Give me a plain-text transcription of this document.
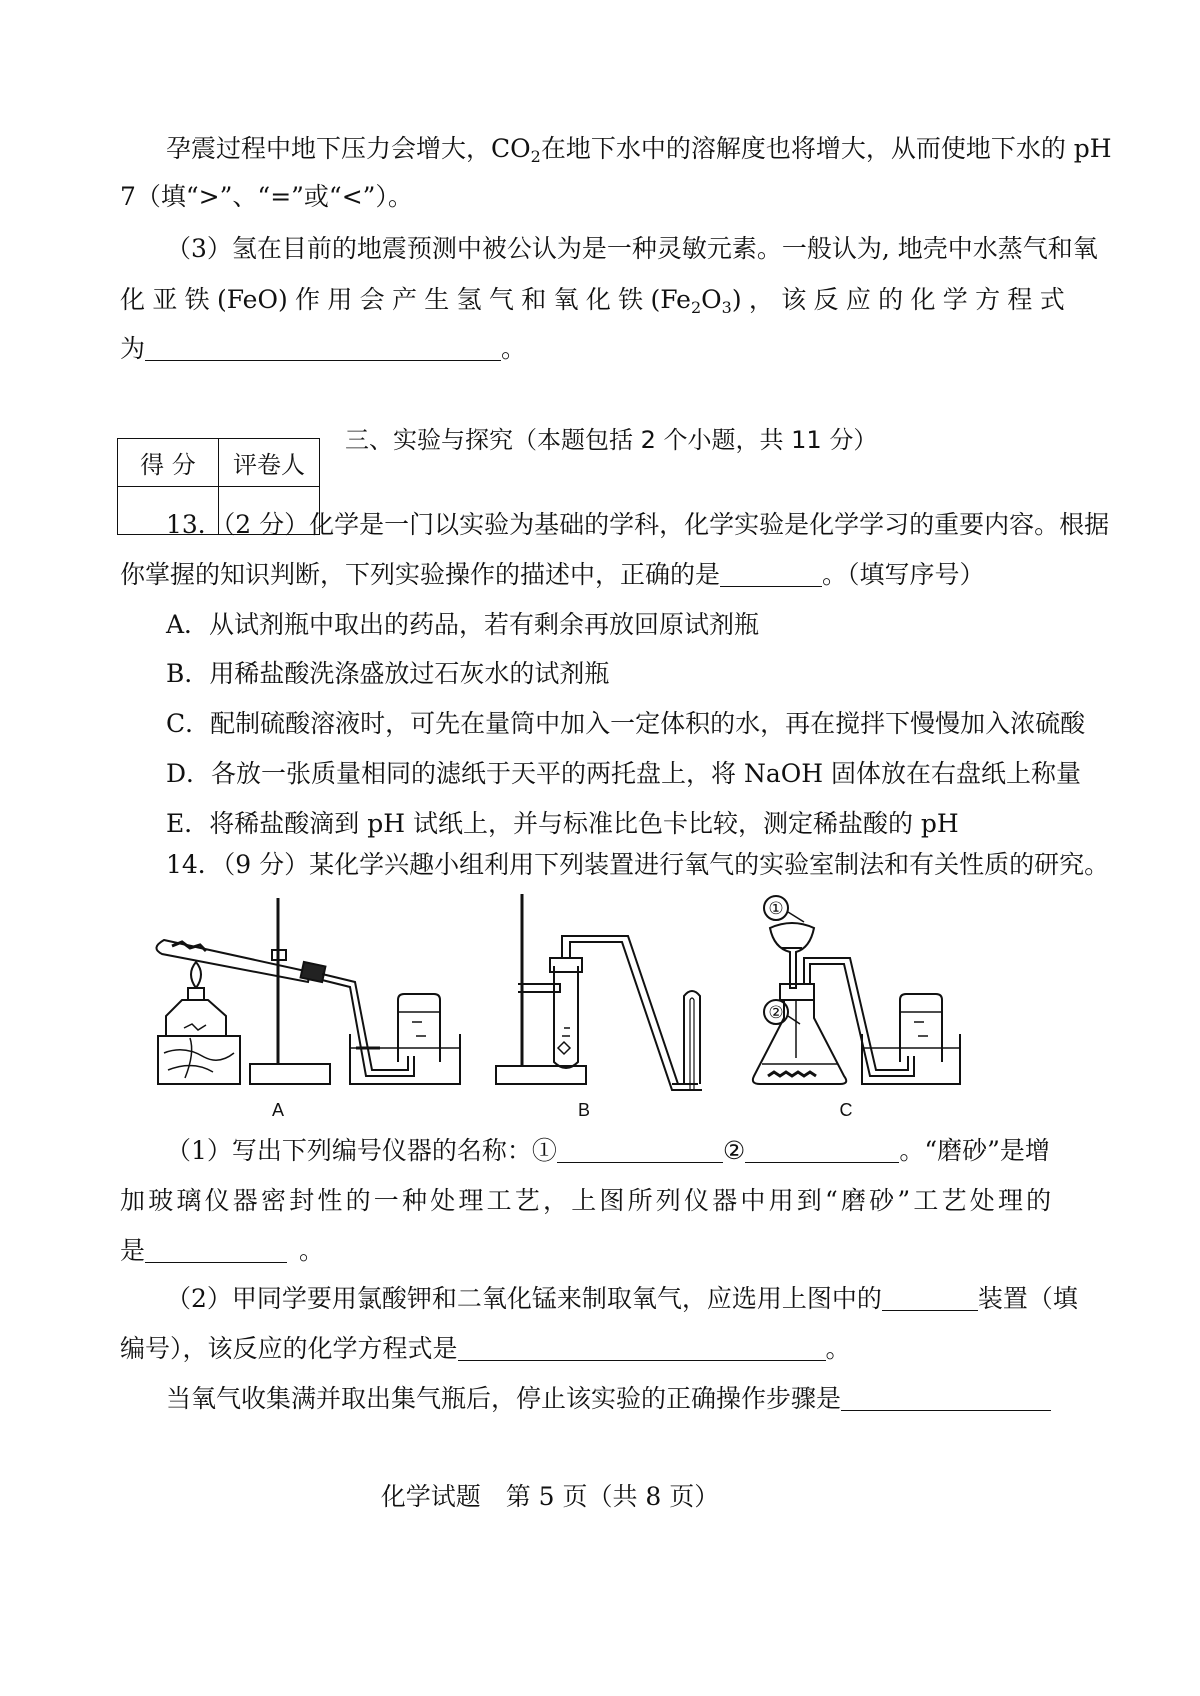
孕震过程中地下压力会增大，$CO_2$在地下水中的溶解度也将增大，从而使地下水的 pH
7（填“>”、“=”或“<”）。
（3）氢在目前的地震预测中被公认为是一种灵敏元素。一般认为, 地壳中水蒸气和氧
化 亚 铁 (FeO) 作 用 会 产 生 氢 气 和 氧 化 铁 $(Fe_2O_3)$ ， 该 反 应 的 化 学 方 程 式
为	。
得 分	评卷人

三、实验与探究（本题包括 2 个小题，共 11 分）
13．（2 分）化学是一门以实验为基础的学科，化学实验是化学学习的重要内容。根据
你掌握的知识判断，下列实验操作的描述中，正确的是	。（填写序号）
A．从试剂瓶中取出的药品，若有剩余再放回原试剂瓶
B．用稀盐酸洗涤盛放过石灰水的试剂瓶
C．配制硫酸溶液时，可先在量筒中加入一定体积的水，再在搅拌下慢慢加入浓硫酸
D．各放一张质量相同的滤纸于天平的两托盘上，将 NaOH 固体放在右盘纸上称量
E．将稀盐酸滴到 pH 试纸上，并与标准比色卡比较，测定稀盐酸的 pH
14．（9 分）某化学兴趣小组利用下列装置进行氧气的实验室制法和有关性质的研究。
A	B
①
②
C
（1）写出下列编号仪器的名称：①	②	。“磨砂”是增
加玻璃仪器密封性的一种处理工艺，上图所列仪器中用到“磨砂”工艺处理的
是	。
（2）甲同学要用氯酸钾和二氧化锰来制取氧气，应选用上图中的	装置（填
编号），该反应的化学方程式是	。
当氧气收集满并取出集气瓶后，停止该实验的正确操作步骤是
化学试题　第 5 页（共 8 页）
